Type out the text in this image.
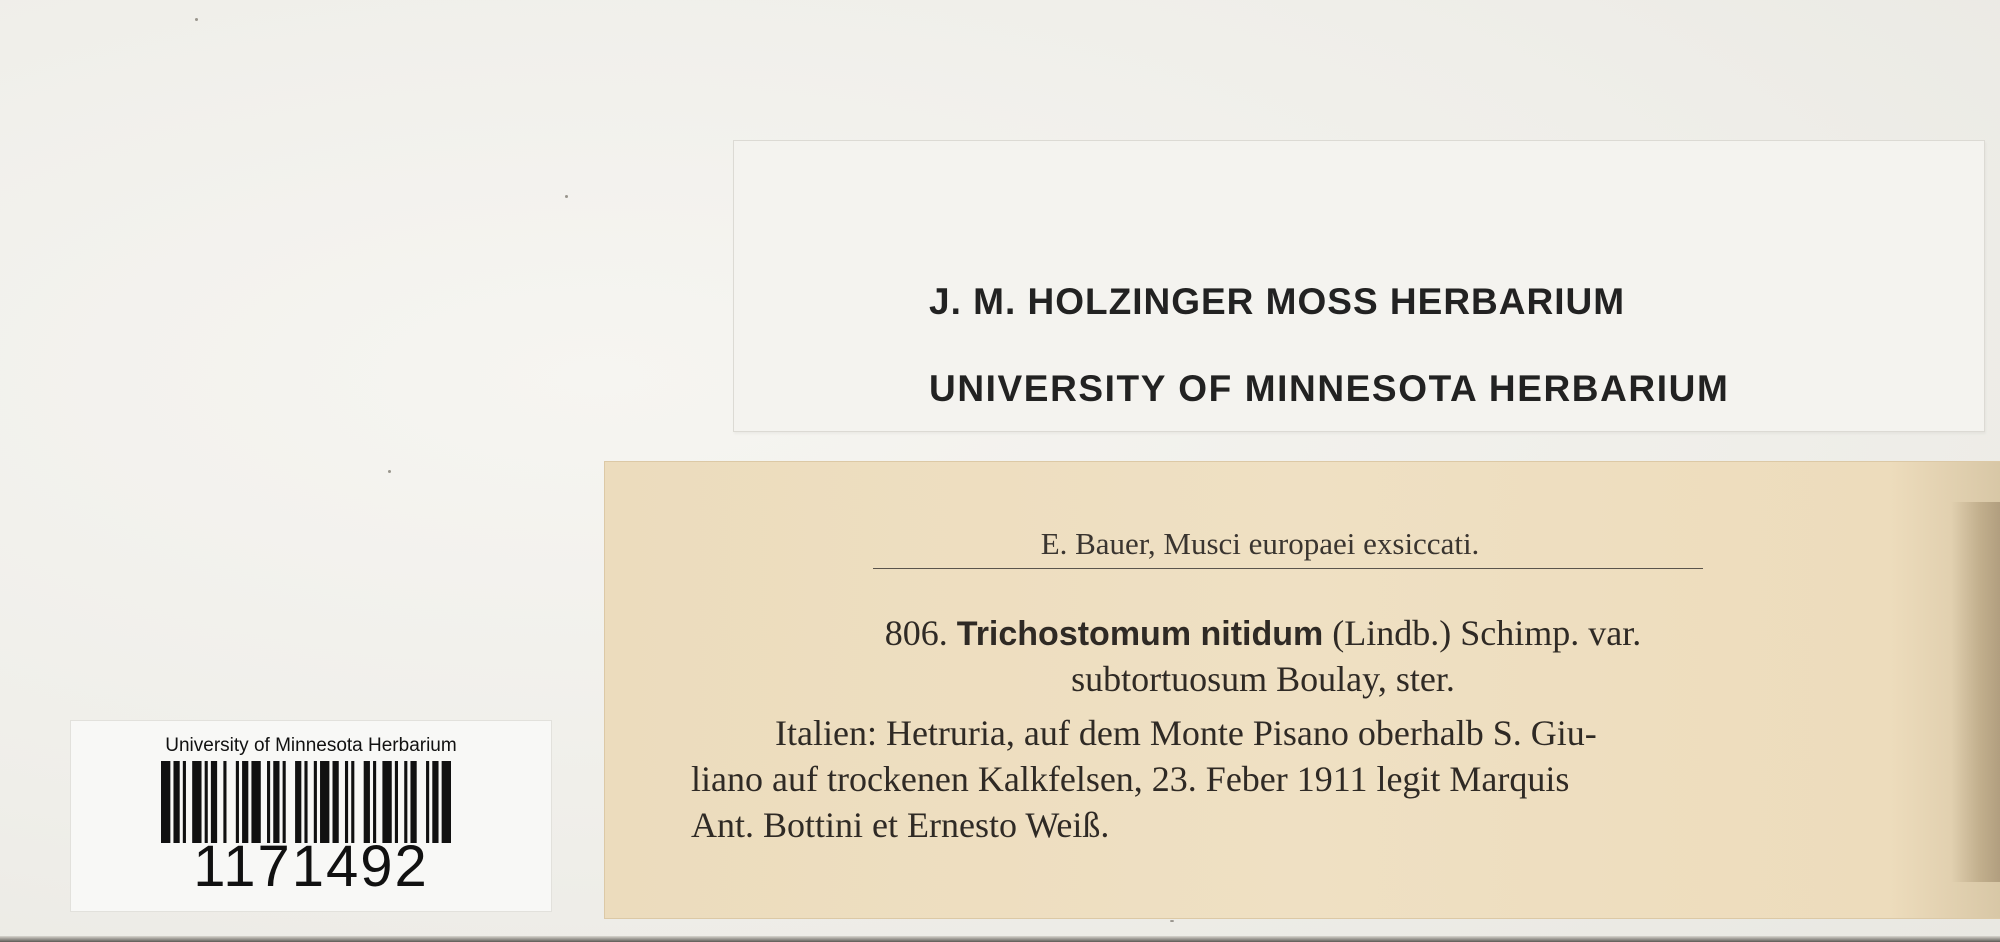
J. M. HOLZINGER MOSS HERBARIUM
UNIVERSITY OF MINNESOTA HERBARIUM
E. Bauer, Musci europaei exsiccati.
806. Trichostomum nitidum (Lindb.) Schimp. var.
subtortuosum Boulay, ster.
Italien: Hetruria, auf dem Monte Pisano oberhalb S. Giu-
liano auf trockenen Kalkfelsen, 23. Feber 1911 legit Marquis
Ant. Bottini et Ernesto Weiß.
University of Minnesota Herbarium
1171492
